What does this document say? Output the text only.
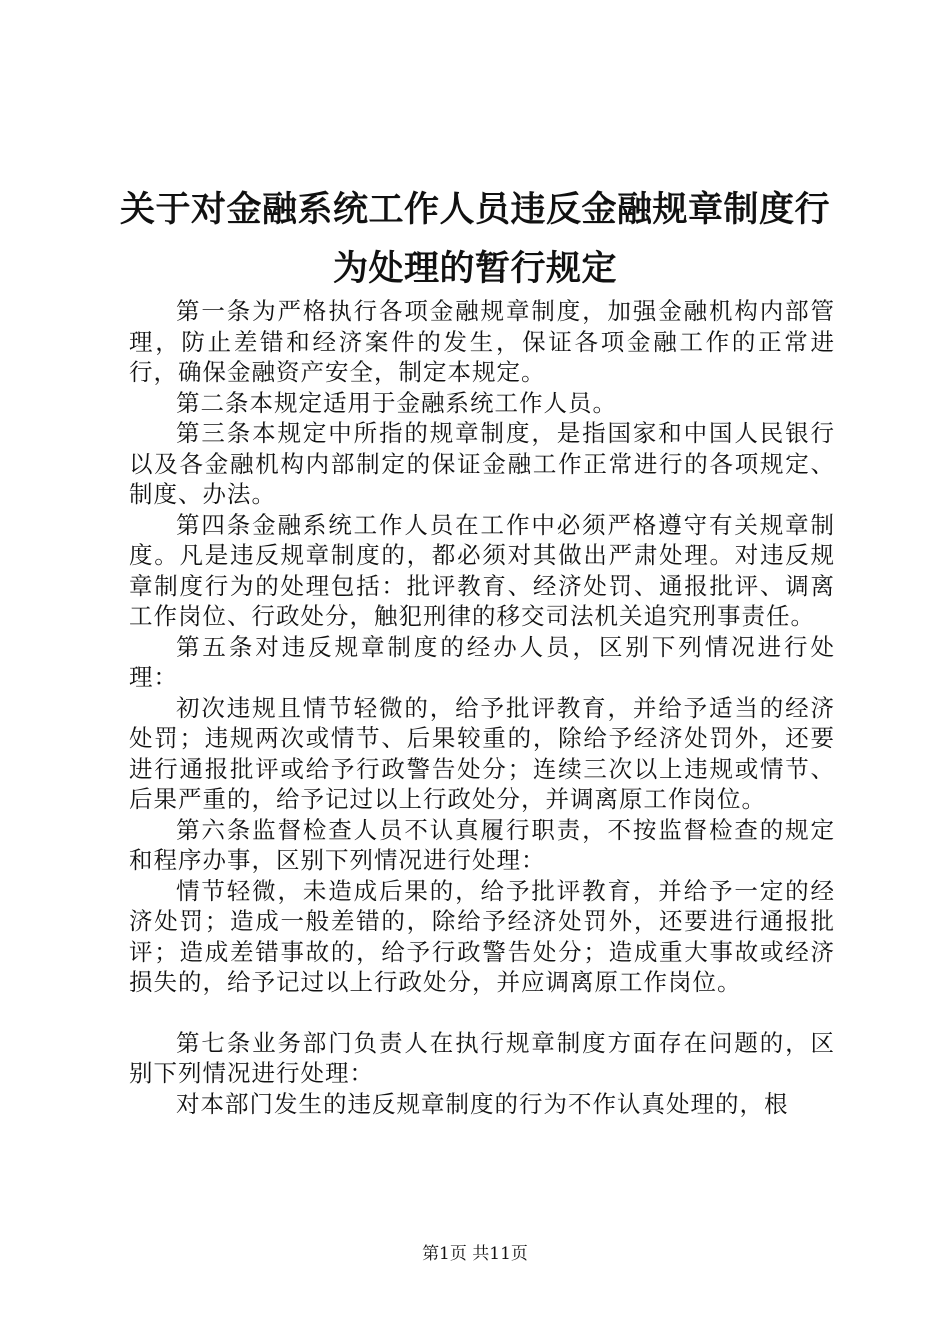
关于对金融系统工作人员违反金融规章制度行
为处理的暂行规定

第一条为严格执行各项金融规章制度，加强金融机构内部管理，防止差错和经济案件的发生，保证各项金融工作的正常进行，确保金融资产安全，制定本规定。

第二条本规定适用于金融系统工作人员。

第三条本规定中所指的规章制度，是指国家和中国人民银行以及各金融机构内部制定的保证金融工作正常进行的各项规定、制度、办法。

第四条金融系统工作人员在工作中必须严格遵守有关规章制度。凡是违反规章制度的，都必须对其做出严肃处理。对违反规章制度行为的处理包括：批评教育、经济处罚、通报批评、调离工作岗位、行政处分，触犯刑律的移交司法机关追究刑事责任。

第五条对违反规章制度的经办人员，区别下列情况进行处理：

初次违规且情节轻微的，给予批评教育，并给予适当的经济处罚；违规两次或情节、后果较重的，除给予经济处罚外，还要进行通报批评或给予行政警告处分；连续三次以上违规或情节、后果严重的，给予记过以上行政处分，并调离原工作岗位。

第六条监督检查人员不认真履行职责，不按监督检查的规定和程序办事，区别下列情况进行处理：

情节轻微，未造成后果的，给予批评教育，并给予一定的经济处罚；造成一般差错的，除给予经济处罚外，还要进行通报批评；造成差错事故的，给予行政警告处分；造成重大事故或经济损失的，给予记过以上行政处分，并应调离原工作岗位。

第七条业务部门负责人在执行规章制度方面存在问题的，区别下列情况进行处理：

对本部门发生的违反规章制度的行为不作认真处理的，根

第1页 共11页
